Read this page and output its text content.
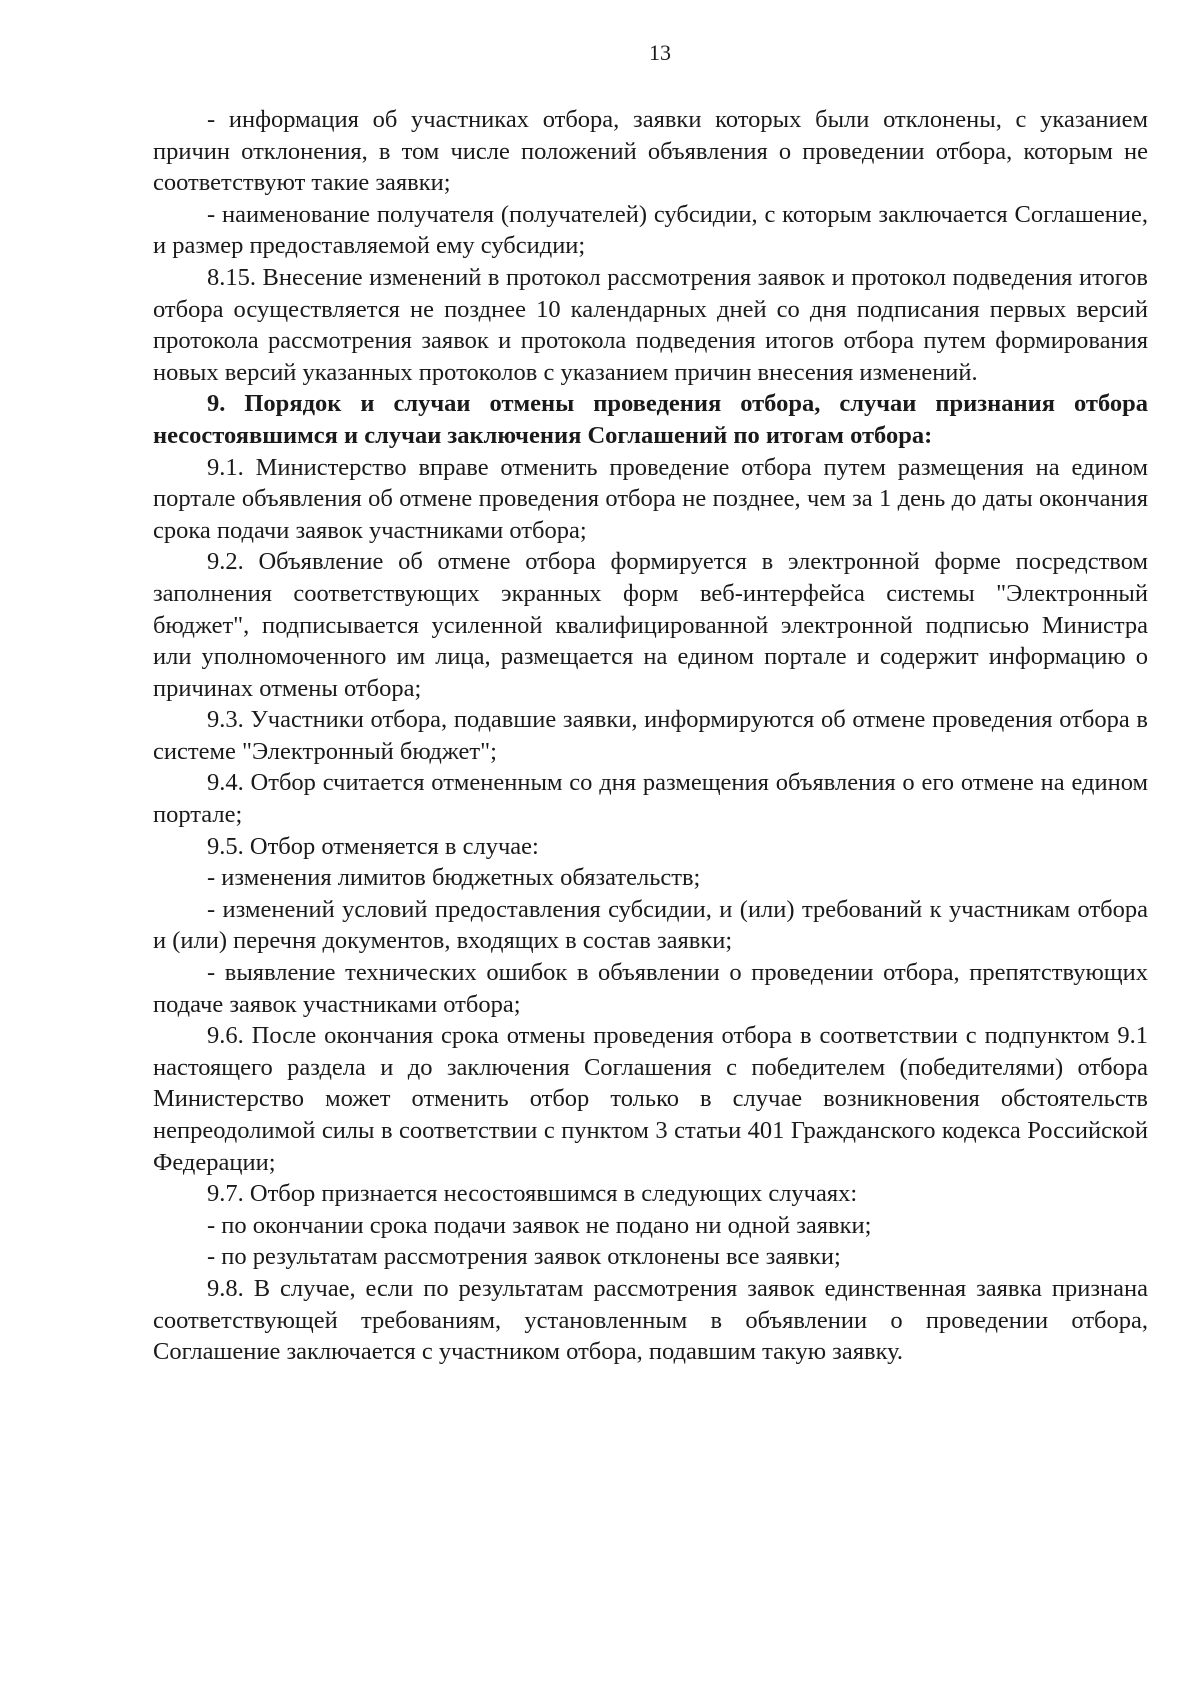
13

- информация об участниках отбора, заявки которых были отклонены, с указанием причин отклонения, в том числе положений объявления о проведении отбора, которым не соответствуют такие заявки;

- наименование получателя (получателей) субсидии, с которым заключается Соглашение, и размер предоставляемой ему субсидии;

8.15. Внесение изменений в протокол рассмотрения заявок и протокол подведения итогов отбора осуществляется не позднее 10 календарных дней со дня подписания первых версий протокола рассмотрения заявок и протокола подведения итогов отбора путем формирования новых версий указанных протоколов с указанием причин внесения изменений.

9. Порядок и случаи отмены проведения отбора, случаи признания отбора несостоявшимся и случаи заключения Соглашений по итогам отбора:

9.1. Министерство вправе отменить проведение отбора путем размещения на едином портале объявления об отмене проведения отбора не позднее, чем за 1 день до даты окончания срока подачи заявок участниками отбора;

9.2. Объявление об отмене отбора формируется в электронной форме посредством заполнения соответствующих экранных форм веб-интерфейса системы "Электронный бюджет", подписывается усиленной квалифицированной электронной подписью Министра или уполномоченного им лица, размещается на едином портале и содержит информацию о причинах отмены отбора;

9.3. Участники отбора, подавшие заявки, информируются об отмене проведения отбора в системе "Электронный бюджет";

9.4. Отбор считается отмененным со дня размещения объявления о его отмене на едином портале;

9.5. Отбор отменяется в случае:

- изменения лимитов бюджетных обязательств;

- изменений условий предоставления субсидии, и (или) требований к участникам отбора и (или) перечня документов, входящих в состав заявки;

- выявление технических ошибок в объявлении о проведении отбора, препятствующих подаче заявок участниками отбора;

9.6. После окончания срока отмены проведения отбора в соответствии с подпунктом 9.1 настоящего раздела и до заключения Соглашения с победителем (победителями) отбора Министерство может отменить отбор только в случае возникновения обстоятельств непреодолимой силы в соответствии с пунктом 3 статьи 401 Гражданского кодекса Российской Федерации;

9.7. Отбор признается несостоявшимся в следующих случаях:

- по окончании срока подачи заявок не подано ни одной заявки;

- по результатам рассмотрения заявок отклонены все заявки;

9.8. В случае, если по результатам рассмотрения заявок единственная заявка признана соответствующей требованиям, установленным в объявлении о проведении отбора, Соглашение заключается с участником отбора, подавшим такую заявку.
